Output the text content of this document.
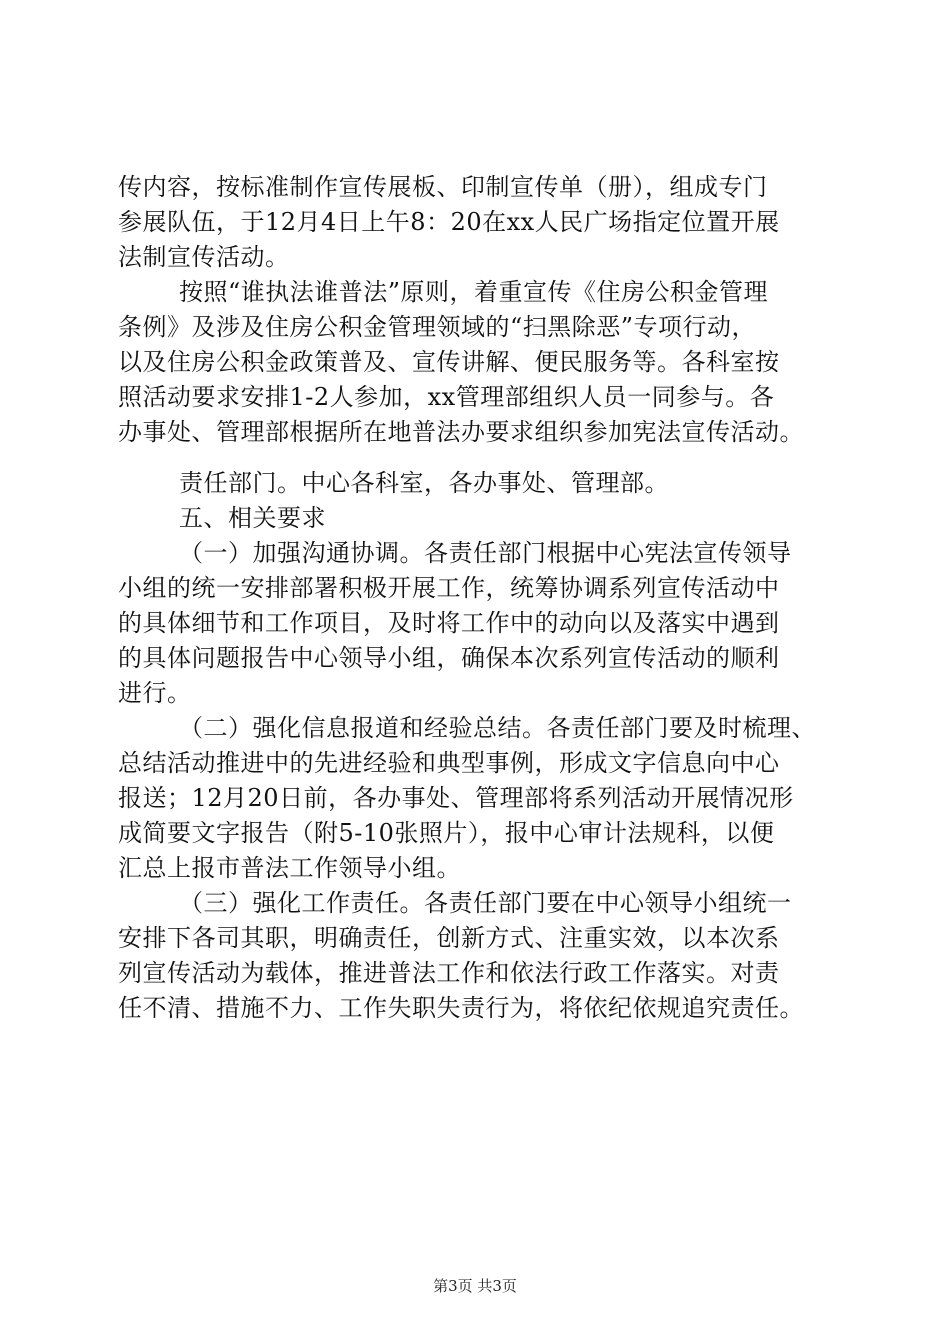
传内容，按标准制作宣传展板、印制宣传单（册），组成专门
参展队伍，于12月4日上午8：20在xx人民广场指定位置开展
法制宣传活动。
按照“谁执法谁普法”原则，着重宣传《住房公积金管理
条例》及涉及住房公积金管理领域的“扫黑除恶”专项行动，
以及住房公积金政策普及、宣传讲解、便民服务等。各科室按
照活动要求安排1-2人参加，xx管理部组织人员一同参与。各
办事处、管理部根据所在地普法办要求组织参加宪法宣传活动。
责任部门。中心各科室，各办事处、管理部。
五、相关要求
（一）加强沟通协调。各责任部门根据中心宪法宣传领导
小组的统一安排部署积极开展工作，统筹协调系列宣传活动中
的具体细节和工作项目，及时将工作中的动向以及落实中遇到
的具体问题报告中心领导小组，确保本次系列宣传活动的顺利
进行。
（二）强化信息报道和经验总结。各责任部门要及时梳理、
总结活动推进中的先进经验和典型事例，形成文字信息向中心
报送；12月20日前，各办事处、管理部将系列活动开展情况形
成简要文字报告（附5-10张照片），报中心审计法规科，以便
汇总上报市普法工作领导小组。
（三）强化工作责任。各责任部门要在中心领导小组统一
安排下各司其职，明确责任，创新方式、注重实效，以本次系
列宣传活动为载体，推进普法工作和依法行政工作落实。对责
任不清、措施不力、工作失职失责行为，将依纪依规追究责任。
第3页 共3页
